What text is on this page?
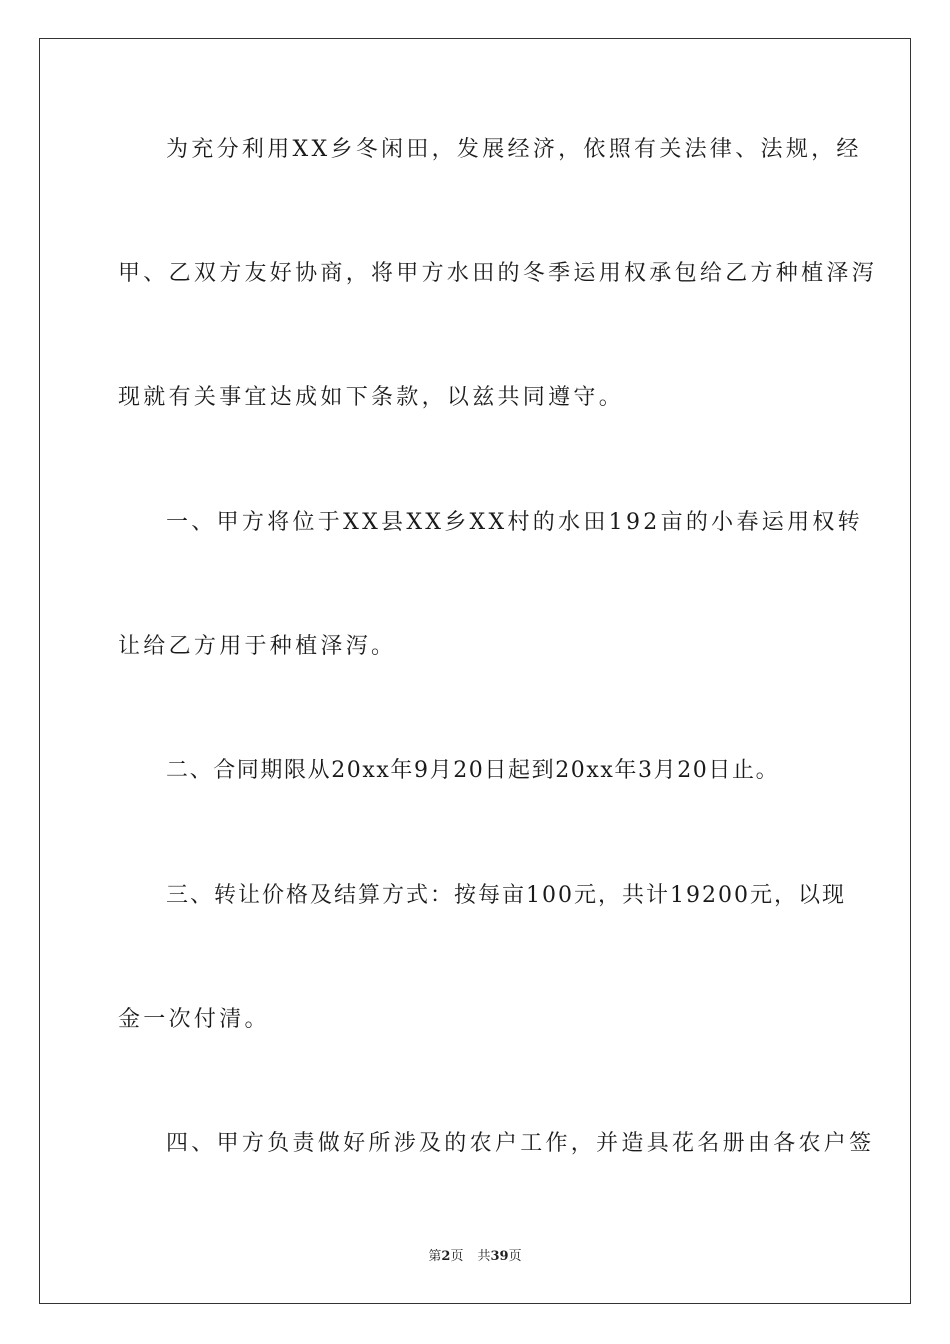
为充分利用XX乡冬闲田，发展经济，依照有关法律、法规，经
甲、乙双方友好协商，将甲方水田的冬季运用权承包给乙方种植泽泻
现就有关事宜达成如下条款，以兹共同遵守。
一、甲方将位于XX县XX乡XX村的水田192亩的小春运用权转
让给乙方用于种植泽泻。
二、合同期限从20xx年9月20日起到20xx年3月20日止。
三、转让价格及结算方式：按每亩100元，共计19200元，以现
金一次付清。
四、甲方负责做好所涉及的农户工作，并造具花名册由各农户签
第2页 共39页
